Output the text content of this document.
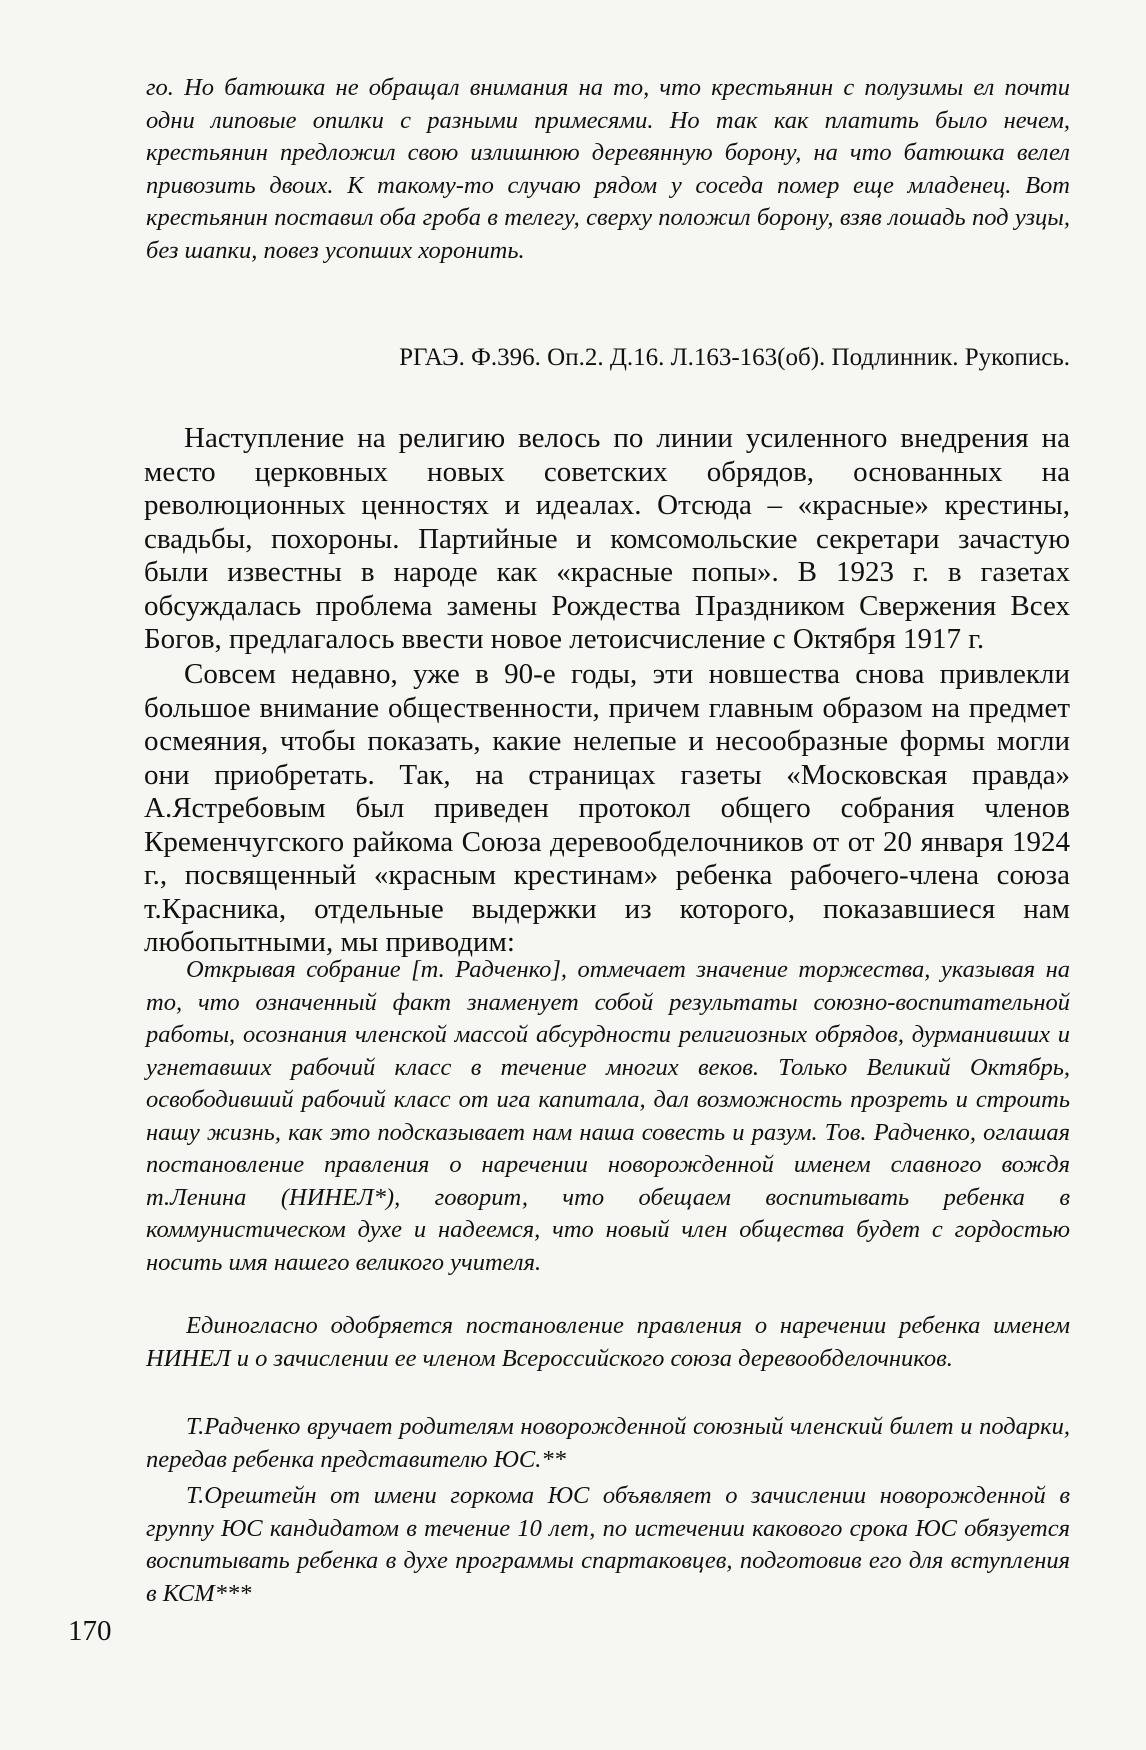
го. Но батюшка не обращал внимания на то, что крестьянин с полузимы ел почти одни липовые опилки с разными примесями. Но так как платить было нечем, крестьянин предложил свою излишнюю деревянную борону, на что батюшка велел привозить двоих. К такому-то случаю рядом у соседа помер еще младенец. Вот крестьянин поставил оба гроба в телегу, сверху положил борону, взяв лошадь под узцы, без шапки, повез усопших хоронить.
РГАЭ. Ф.396. Оп.2. Д.16. Л.163-163(об). Подлинник. Рукопись.

Наступление на религию велось по линии усиленного внедрения на место церковных новых советских обрядов, основанных на революционных ценностях и идеалах. Отсюда – «красные» крестины, свадьбы, похороны. Партийные и комсомольские секретари зачастую были известны в народе как «красные попы». В 1923 г. в газетах обсуждалась проблема замены Рождества Праздником Свержения Всех Богов, предлагалось ввести новое летоисчисление с Октября 1917 г.

Совсем недавно, уже в 90-е годы, эти новшества снова привлекли большое внимание общественности, причем главным образом на предмет осмеяния, чтобы показать, какие нелепые и несообразные формы могли они приобретать. Так, на страницах газеты «Московская правда» А.Ястребовым был приведен протокол общего собрания членов Кременчугского райкома Союза деревообделочников от от 20 января 1924 г., посвященный «красным крестинам» ребенка рабочего-члена союза т.Красника, отдельные выдержки из которого, показавшиеся нам любопытными, мы приводим:

Открывая собрание [т. Радченко], отмечает значение торжества, указывая на то, что означенный факт знаменует собой результаты союзно-воспитательной работы, осознания членской массой абсурдности религиозных обрядов, дурманивших и угнетавших рабочий класс в течение многих веков. Только Великий Октябрь, освободивший рабочий класс от ига капитала, дал возможность прозреть и строить нашу жизнь, как это подсказывает нам наша совесть и разум. Тов. Радченко, оглашая постановление правления о наречении новорожденной именем славного вождя т.Ленина (НИНЕЛ*), говорит, что обещаем воспитывать ребенка в коммунистическом духе и надеемся, что новый член общества будет с гордостью носить имя нашего великого учителя.

Единогласно одобряется постановление правления о наречении ребенка именем НИНЕЛ и о зачислении ее членом Всероссийского союза деревообделочников.

Т.Радченко вручает родителям новорожденной союзный членский билет и подарки, передав ребенка представителю ЮС.**

Т.Орештейн от имени горкома ЮС объявляет о зачислении новорожденной в группу ЮС кандидатом в течение 10 лет, по истечении какового срока ЮС обязуется воспитывать ребенка в духе программы спартаковцев, подготовив его для вступления в КСМ***

170
